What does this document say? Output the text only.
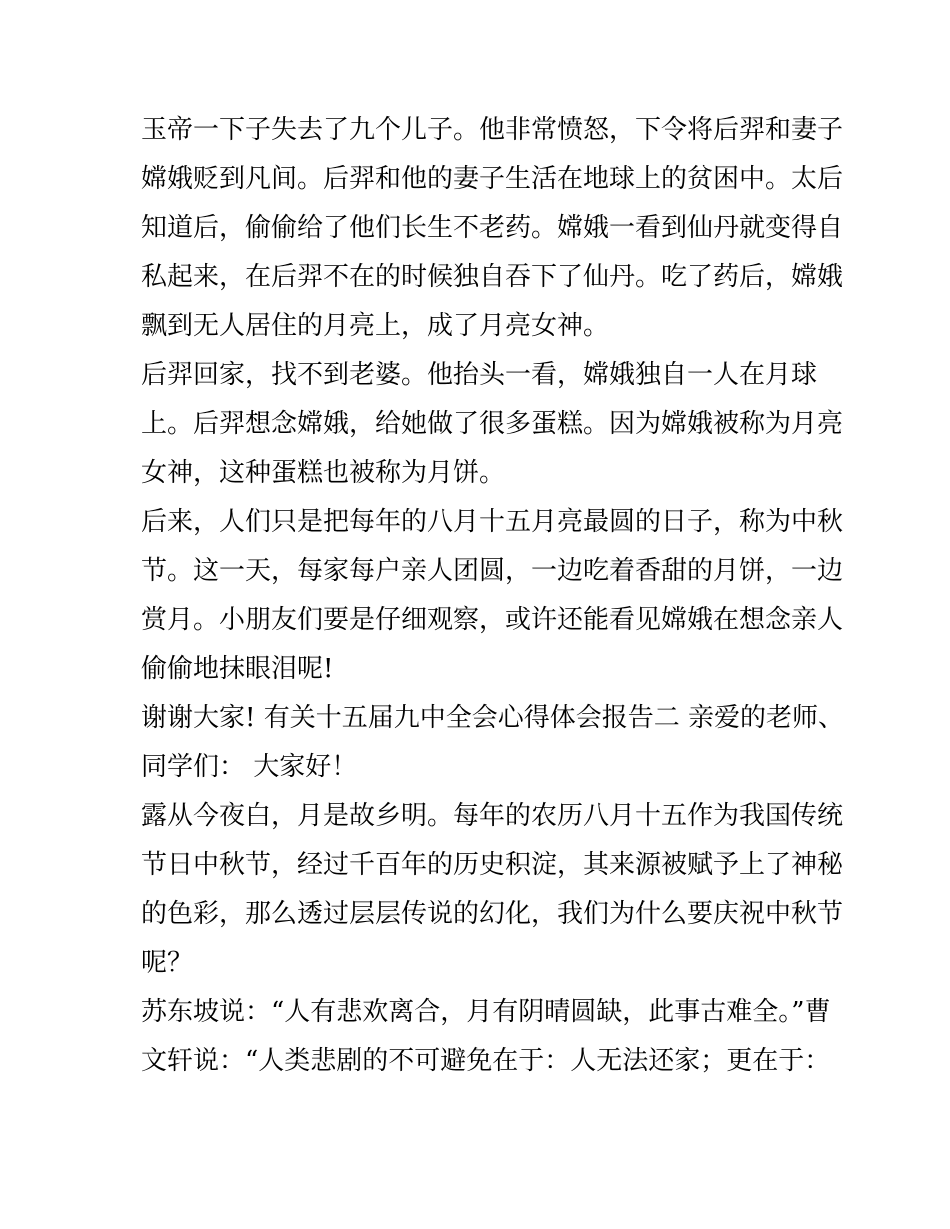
玉帝一下子失去了九个儿子。他非常愤怒，下令将后羿和妻子
嫦娥贬到凡间。后羿和他的妻子生活在地球上的贫困中。太后
知道后，偷偷给了他们长生不老药。嫦娥一看到仙丹就变得自
私起来，在后羿不在的时候独自吞下了仙丹。吃了药后，嫦娥
飘到无人居住的月亮上，成了月亮女神。
后羿回家，找不到老婆。他抬头一看，嫦娥独自一人在月球
上。后羿想念嫦娥，给她做了很多蛋糕。因为嫦娥被称为月亮
女神，这种蛋糕也被称为月饼。
后来，人们只是把每年的八月十五月亮最圆的日子，称为中秋
节。这一天，每家每户亲人团圆，一边吃着香甜的月饼，一边
赏月。小朋友们要是仔细观察，或许还能看见嫦娥在想念亲人
偷偷地抹眼泪呢!
谢谢大家! 有关十五届九中全会心得体会报告二 亲爱的老师、
同学们： 大家好！
露从今夜白，月是故乡明。每年的农历八月十五作为我国传统
节日中秋节，经过千百年的历史积淀，其来源被赋予上了神秘
的色彩，那么透过层层传说的幻化，我们为什么要庆祝中秋节
呢？
苏东坡说：“人有悲欢离合，月有阴晴圆缺，此事古难全。”曹
文轩说：“人类悲剧的不可避免在于：人无法还家；更在于：
